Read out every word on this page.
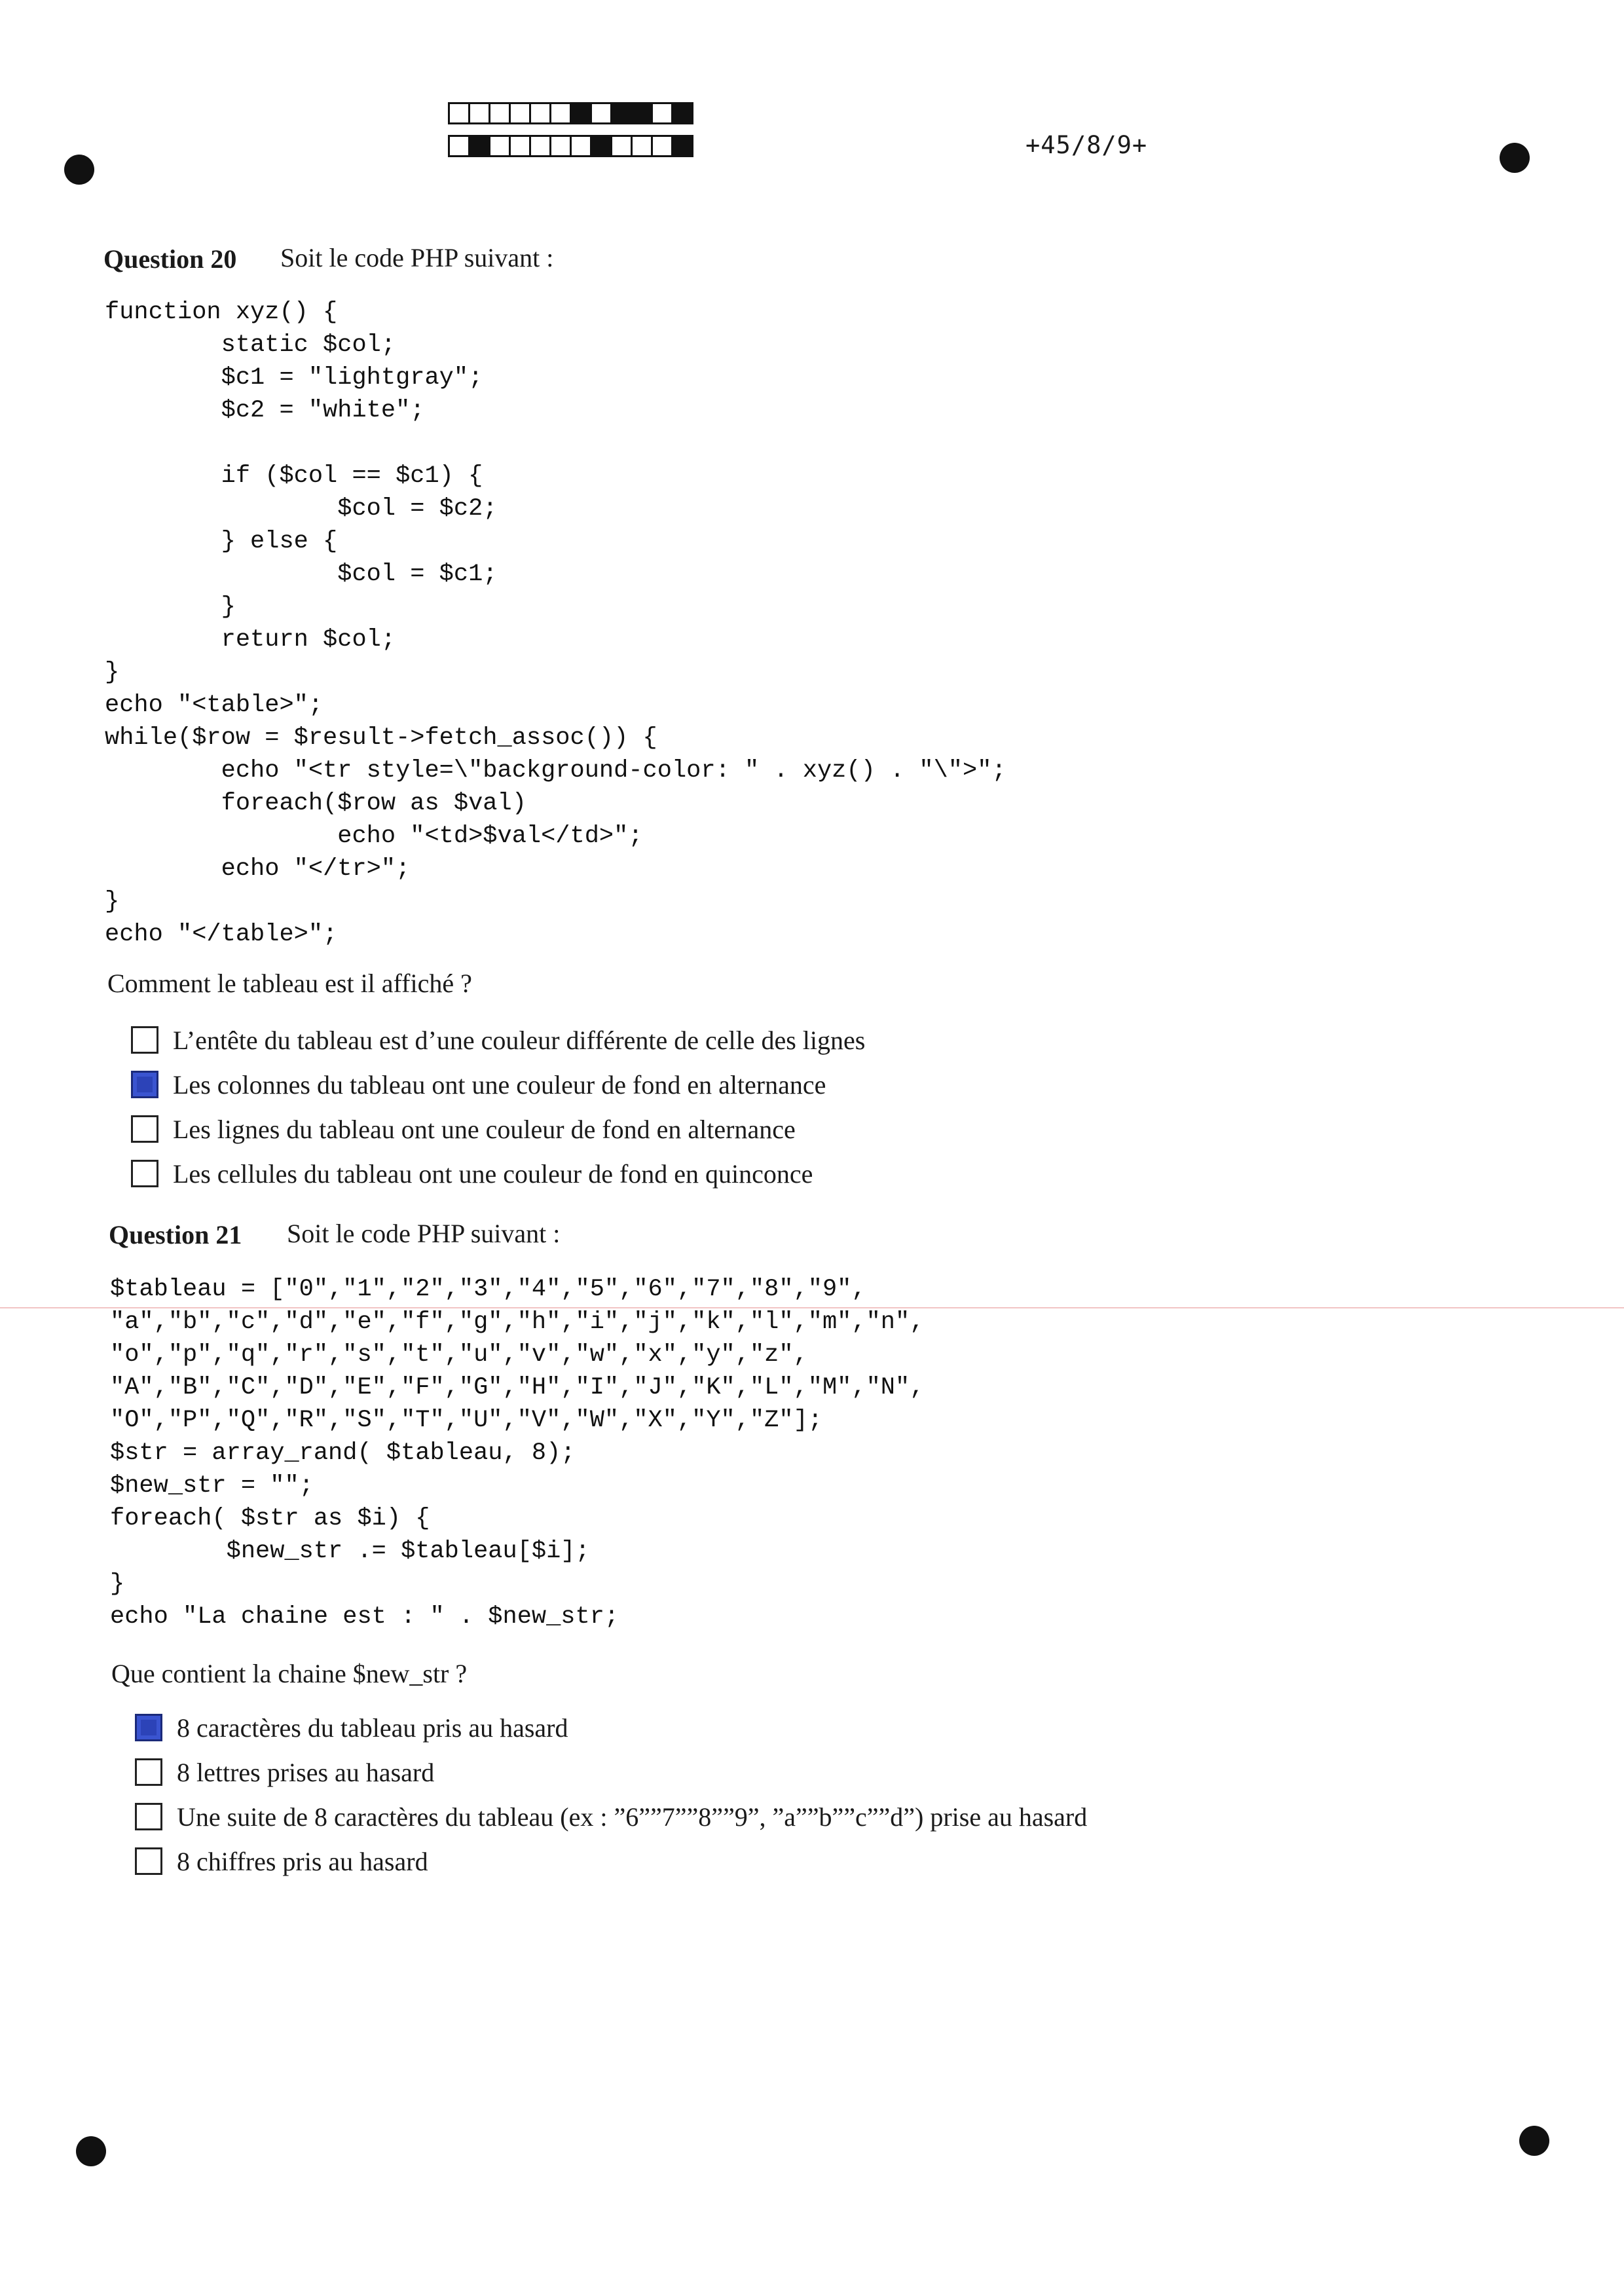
+45/8/9+
Question 20 Soit le code PHP suivant :
function xyz() {
static $col;
$c1 = "lightgray";
$c2 = "white";

if ($col == $c1) {
$col = $c2;
} else {
$col = $c1;
}
return $col;
}
echo "<table>";
while($row = $result->fetch_assoc()) {
echo "<tr style=\"background-color: " . xyz() . "\">";
foreach($row as $val)
echo "<td>$val</td>";
echo "</tr>";
}
echo "</table>";
Comment le tableau est il affiché ?
L’entête du tableau est d’une couleur différente de celle des lignes
Les colonnes du tableau ont une couleur de fond en alternance
Les lignes du tableau ont une couleur de fond en alternance
Les cellules du tableau ont une couleur de fond en quinconce
Question 21 Soit le code PHP suivant :
$tableau = ["0","1","2","3","4","5","6","7","8","9",
"a","b","c","d","e","f","g","h","i","j","k","l","m","n",
"o","p","q","r","s","t","u","v","w","x","y","z",
"A","B","C","D","E","F","G","H","I","J","K","L","M","N",
"O","P","Q","R","S","T","U","V","W","X","Y","Z"];
$str = array_rand( $tableau, 8);
$new_str = "";
foreach( $str as $i) {
$new_str .= $tableau[$i];
}
echo "La chaine est : " . $new_str;
Que contient la chaine $new_str ?
8 caractères du tableau pris au hasard
8 lettres prises au hasard
Une suite de 8 caractères du tableau (ex : ”6””7””8””9”, ”a””b””c””d”) prise au hasard
8 chiffres pris au hasard
